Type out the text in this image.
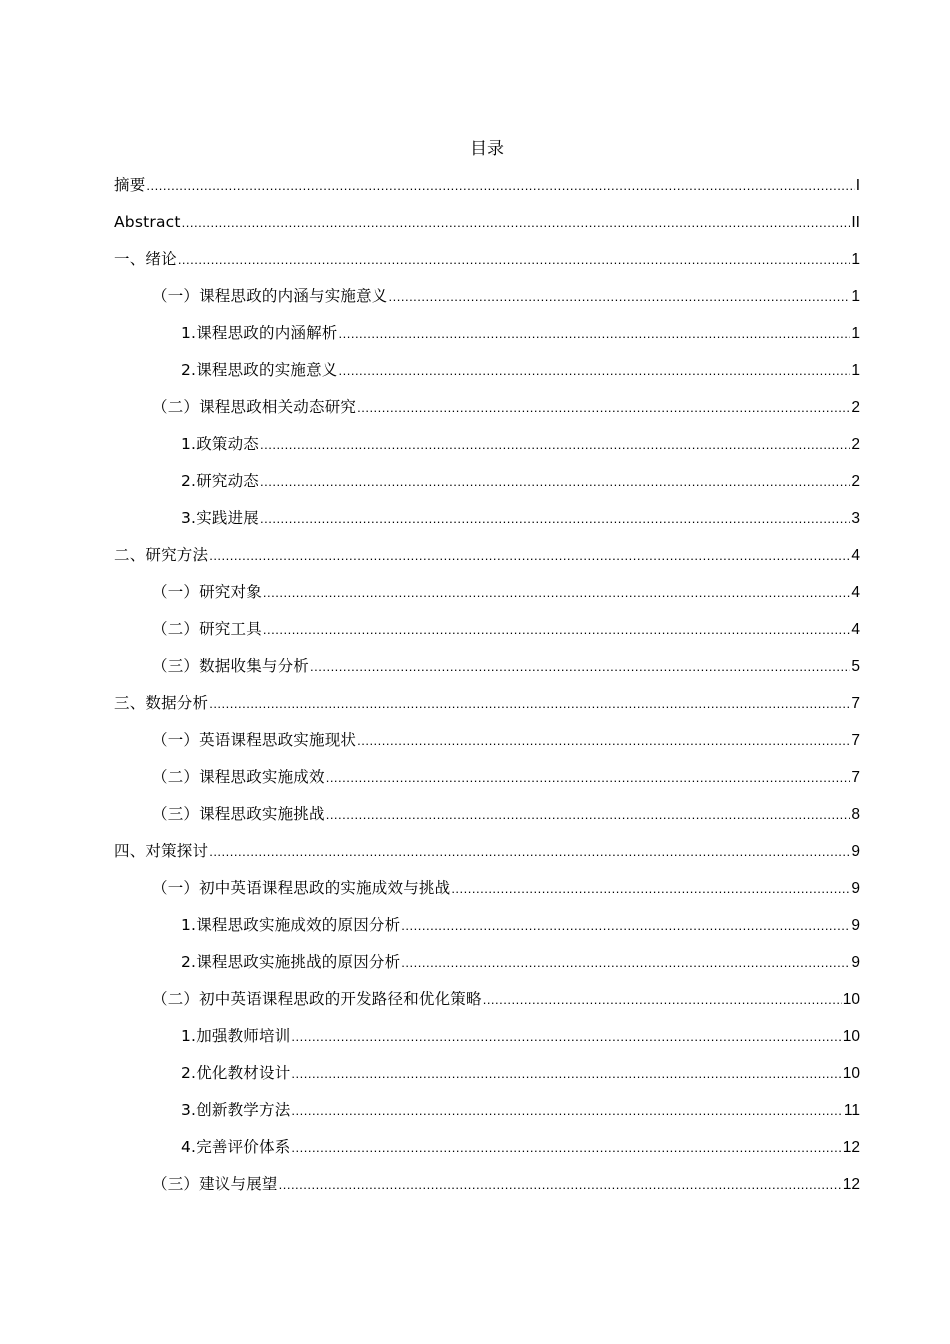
目录
摘要 .....	I
Abstract .....	II
一、绪论 .....	1
（一）课程思政的内涵与实施意义 .....	1
1.课程思政的内涵解析 .....	1
2.课程思政的实施意义 .....	1
（二）课程思政相关动态研究 .....	2
1.政策动态 .....	2
2.研究动态 .....	2
3.实践进展 .....	3
二、研究方法 .....	4
（一）研究对象 .....	4
（二）研究工具 .....	4
（三）数据收集与分析 .....	5
三、数据分析 .....	7
（一）英语课程思政实施现状 .....	7
（二）课程思政实施成效 .....	7
（三）课程思政实施挑战 .....	8
四、对策探讨 .....	9
（一）初中英语课程思政的实施成效与挑战 .....	9
1.课程思政实施成效的原因分析 .....	9
2.课程思政实施挑战的原因分析 .....	9
（二）初中英语课程思政的开发路径和优化策略 .....	10
1.加强教师培训 .....	10
2.优化教材设计 .....	10
3.创新教学方法 .....	11
4.完善评价体系 .....	12
（三）建议与展望 .....	12
